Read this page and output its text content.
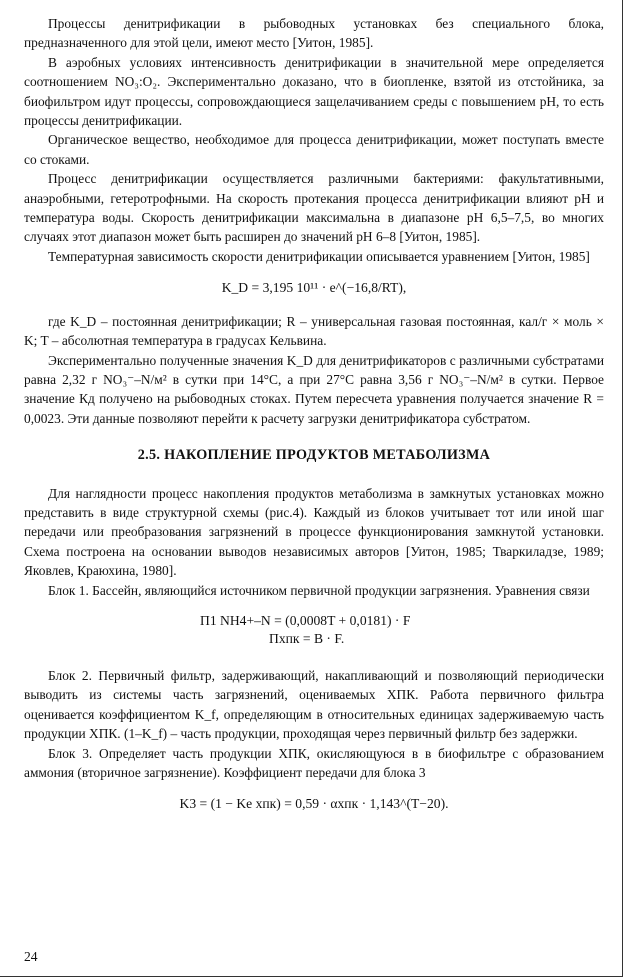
Процессы денитрификации в рыбоводных установках без специального блока, предназначенного для этой цели, имеют место [Уитон, 1985].

В аэробных условиях интенсивность денитрификации в значительной мере определяется соотношением NO₃:O₂. Экспериментально доказано, что в биопленке, взятой из отстойника, за биофильтром идут процессы, сопровождающиеся защелачиванием среды с повышением pH, то есть процессы денитрификации.

Органическое вещество, необходимое для процесса денитрификации, может поступать вместе со стоками.

Процесс денитрификации осуществляется различными бактериями: факультативными, анаэробными, гетеротрофными. На скорость протекания процесса денитрификации влияют pH и температура воды. Скорость денитрификации максимальна в диапазоне pH 6,5–7,5, во многих случаях этот диапазон может быть расширен до значений pH 6–8 [Уитон, 1985].

Температурная зависимость скорости денитрификации описывается уравнением [Уитон, 1985]

K_D = 3,195 10¹¹ · e^(−16,8/RT),

где K_D – постоянная денитрификации; R – универсальная газовая постоянная, кал/г × моль × K; T – абсолютная температура в градусах Кельвина.

Экспериментально полученные значения K_D для денитрификаторов с различными субстратами равна 2,32 г NO₃⁻–N/м² в сутки при 14°С, а при 27°С равна 3,56 г NO₃⁻–N/м² в сутки. Первое значение Кд получено на рыбоводных стоках. Путем пересчета уравнения получается значение R = 0,0023. Эти данные позволяют перейти к расчету загрузки денитрификатора субстратом.

2.5. НАКОПЛЕНИЕ ПРОДУКТОВ МЕТАБОЛИЗМА

Для наглядности процесс накопления продуктов метаболизма в замкнутых установках можно представить в виде структурной схемы (рис.4). Каждый из блоков учитывает тот или иной шаг передачи или преобразования загрязнений в процессе функционирования замкнутой установки. Схема построена на основании выводов независимых авторов [Уитон, 1985; Тваркиладзе, 1989; Яковлев, Краюхина, 1980].

Блок 1. Бассейн, являющийся источником первичной продукции загрязнения. Уравнения связи

П1 NH4+–N = (0,0008T + 0,0181) · F
Пхпк = B · F.

Блок 2. Первичный фильтр, задерживающий, накапливающий и позволяющий периодически выводить из системы часть загрязнений, оцениваемых ХПК. Работа первичного фильтра оценивается коэффициентом K_f, определяющим в относительных единицах задерживаемую часть продукции ХПК. (1–K_f) – часть продукции, проходящая через первичный фильтр без задержки.

Блок 3. Определяет часть продукции ХПК, окисляющуюся в в биофильтре с образованием аммония (вторичное загрязнение). Коэффициент передачи для блока 3

K3 = (1 − Ke хпк) = 0,59 · αхпк · 1,143^(T−20).
24
